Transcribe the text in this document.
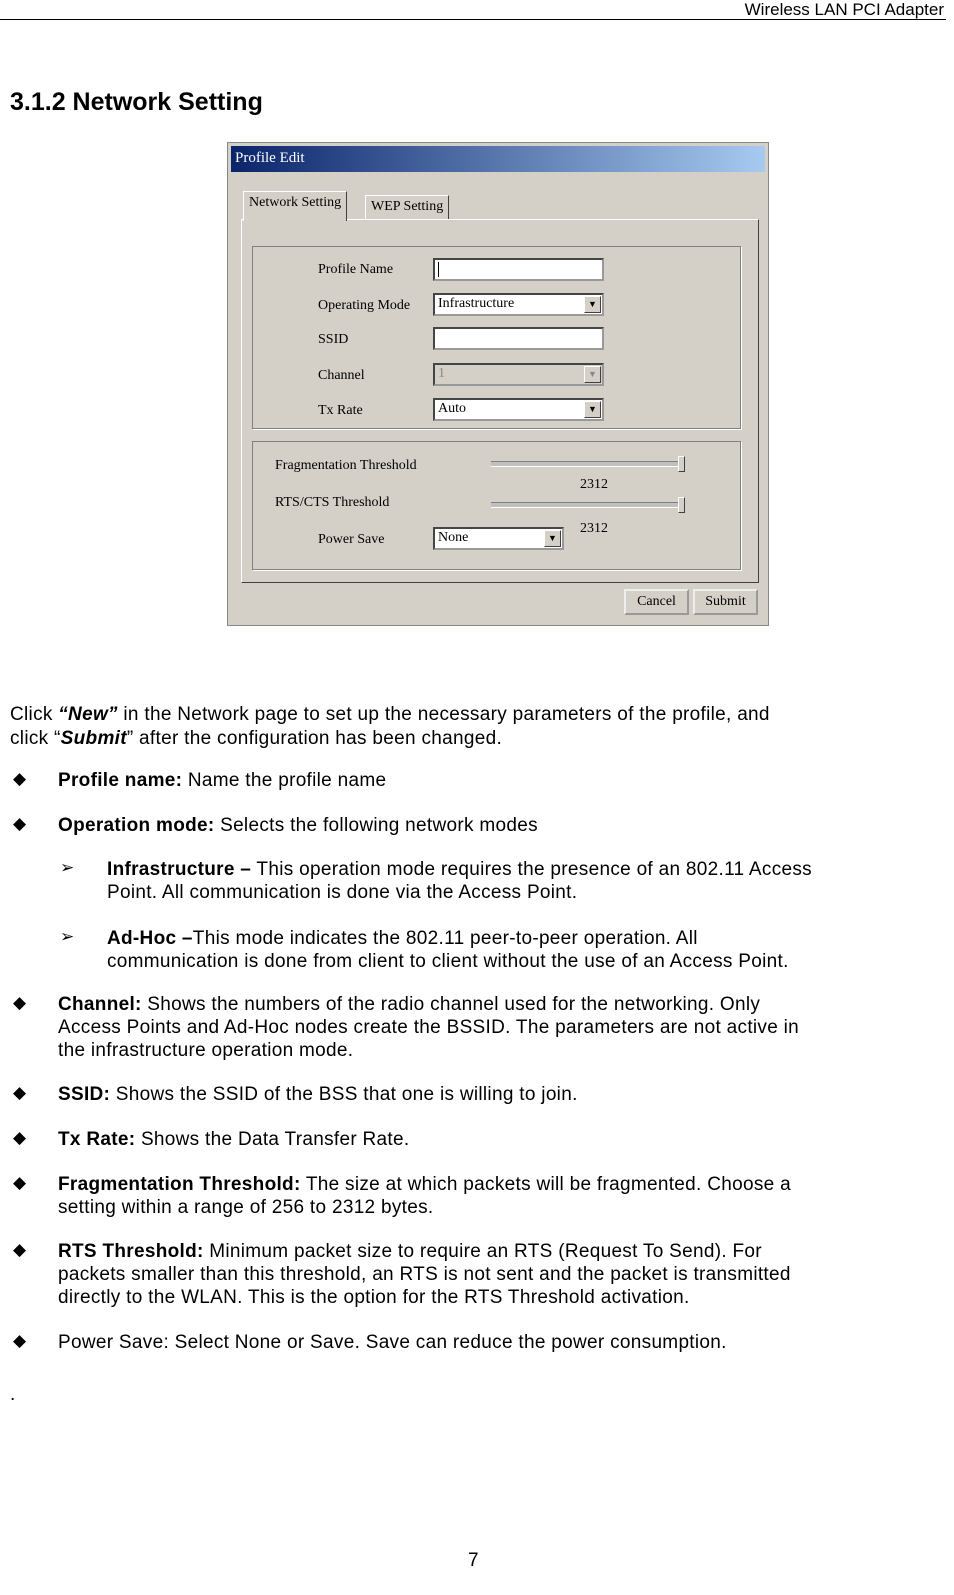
Wireless LAN PCI Adapter
3.1.2 Network Setting
Profile Edit
Network Setting	WEP Setting
Profile Name
Operating Mode Infrastructure	▼
SSID
Channel	1	▼
Tx Rate	Auto	▼
Fragmentation Threshold
2312
RTS/CTS Threshold
2312
Power Save	None	▼
Cancel	Submit
Click “New” in the Network page to set up the necessary parameters of the profile, and
click “Submit” after the configuration has been changed.
◆ Profile name: Name the profile name
◆ Operation mode: Selects the following network modes
➢ Infrastructure – This operation mode requires the presence of an 802.11 Access
Point. All communication is done via the Access Point.
➢ Ad-Hoc –This mode indicates the 802.11 peer-to-peer operation. All
communication is done from client to client without the use of an Access Point.
◆ Channel: Shows the numbers of the radio channel used for the networking. Only
Access Points and Ad-Hoc nodes create the BSSID. The parameters are not active in
the infrastructure operation mode.
◆ SSID: Shows the SSID of the BSS that one is willing to join.
◆ Tx Rate: Shows the Data Transfer Rate.
◆ Fragmentation Threshold: The size at which packets will be fragmented. Choose a
setting within a range of 256 to 2312 bytes.
◆ RTS Threshold: Minimum packet size to require an RTS (Request To Send). For
packets smaller than this threshold, an RTS is not sent and the packet is transmitted
directly to the WLAN. This is the option for the RTS Threshold activation.
◆ Power Save: Select None or Save. Save can reduce the power consumption.
.
7
